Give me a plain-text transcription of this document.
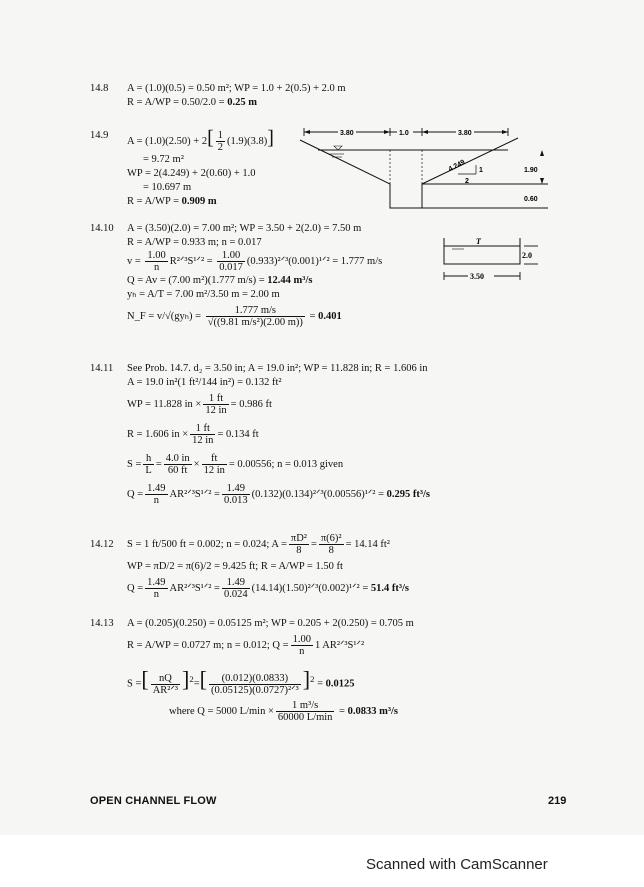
14.8	A = (1.0)(0.5) = 0.50 m²; WP = 1.0 + 2(0.5) + 2.0 m
R = A/WP = 0.50/2.0 = 0.25 m
14.9
$A = (1.0)(2.50) + 2[ \frac{1}{2} (1.9)(3.8)]$
= 9.72 m²
WP = 2(4.249) + 2(0.60) + 1.0
= 10.697 m
R = A/WP = 0.909 m
3.80	1.0	3.80
4.249 1
2
1.90
0.60
14.10	A = (3.50)(2.0) = 7.00 m²; WP = 3.50 + 2(2.0) = 7.50 m
R = A/WP = 0.933 m; n = 0.017
$v = \frac{1.00}{n}$ R²ᐟ³S¹ᐟ² = $\frac{1.00}{0.017}$ (0.933)²ᐟ³(0.001)¹ᐟ² = 1.777 m/s
Q = Av = (7.00 m²)(1.777 m/s) = 12.44 m³/s
yₕ = A/T = 7.00 m²/3.50 m = 2.00 m
N_F = $v/√(gy_h) = \frac{1.777 m/s}{\text{√((9.81 m/s²)(2.00 m))}} = 0.401$
T
2.0
3.50
14.11	See Prob. 14.7. d₂ = 3.50 in; A = 19.0 in²; WP = 11.828 in; R = 1.606 in
A = 19.0 in²(1 ft²/144 in²) = 0.132 ft²
WP = 11.828 in × $\frac{1 ft}{12 in} = 0.986$ ft
R = 1.606 in × $\frac{1 ft}{12 in} = 0.134$ ft
$S = \frac{h}{L} = \frac{4.0 in}{60 ft} \times \frac{ft}{12 in} = 0.00556$; n = 0.013 given
$Q = \frac{1.49}{n}$ AR²ᐟ³S¹ᐟ² = $\frac{1.49}{0.013}$ (0.132)(0.134)²ᐟ³(0.00556)¹ᐟ² = 0.295 ft³/s
14.12	S = 1 ft/500 ft = 0.002; n = 0.024; $A = \frac{\text{πD²}}{8} = \frac{\text{π(6)²}}{8} = 14.14$ ft²
WP = πD/2 = π(6)/2 = 9.425 ft; R = A/WP = 1.50 ft
$Q = \frac{1.49}{n}$ AR²ᐟ³S¹ᐟ² = $\frac{1.49}{0.024}$ (14.14)(1.50)²ᐟ³(0.002)¹ᐟ² = 51.4 ft³/s
14.13	A = (0.205)(0.250) = 0.05125 m²; WP = 0.205 + 2(0.250) = 0.705 m
R = A/WP = 0.0727 m; n = 0.012; $Q = \frac{1.00}{n} 1$ AR²ᐟ³S¹ᐟ²
S =[ $\frac{nQ}{\text{AR²ᐟ³}} ]^2=[ \frac{(0.012)(0.0833)}{\text{(0.05125)(0.0727)²ᐟ³}} ]^2 = 0.0125$
where Q = 5000 $L/\min \times \frac{\text{1 m³/s}}{60000 L/\min} = 0.0833$ m³/s
OPEN CHANNEL FLOW	219
Scanned with CamScanner
